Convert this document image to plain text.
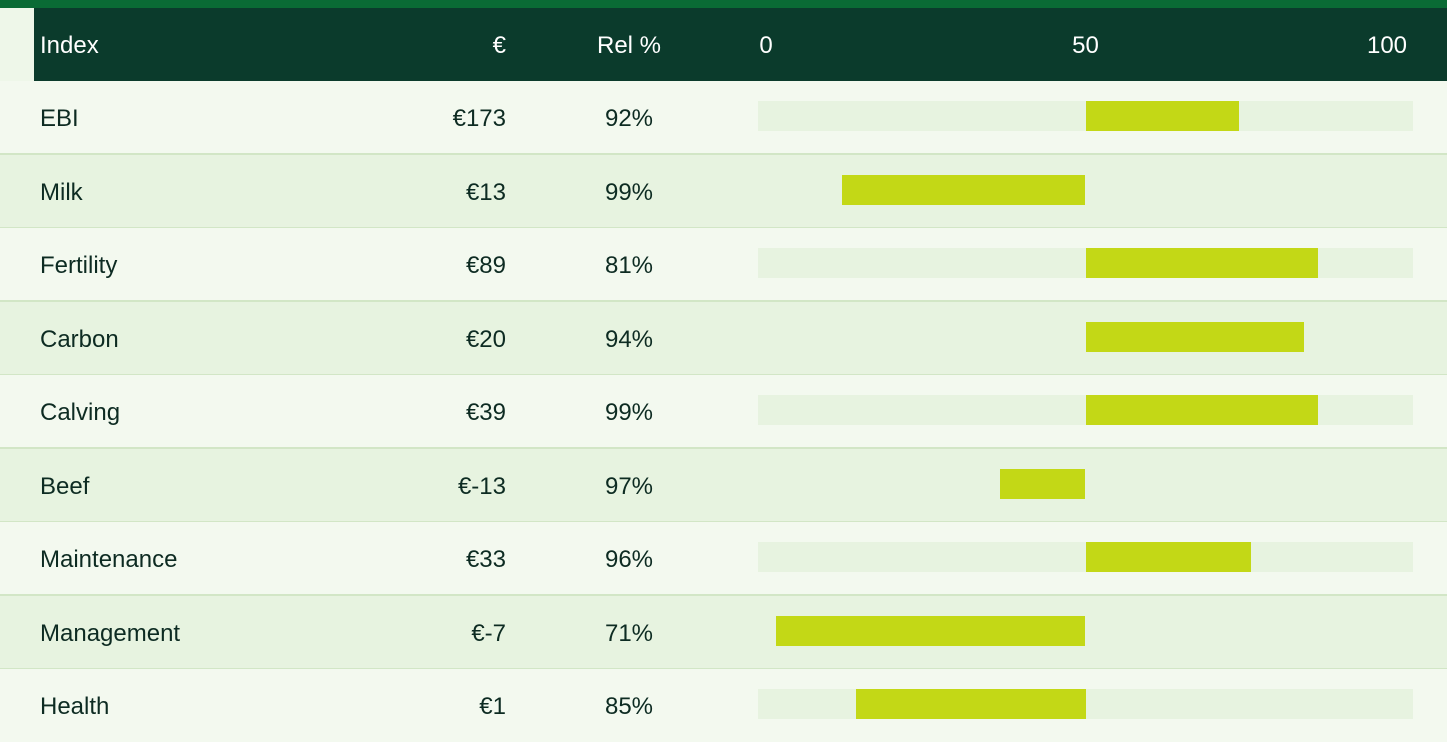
Index	€	Rel %	0	50	100
EBI	€173	92%
Milk	€13	99%
Fertility	€89	81%
Carbon	€20	94%
Calving	€39	99%
Beef	€-13	97%
Maintenance	€33	96%
Management	€-7	71%
Health	€1	85%
